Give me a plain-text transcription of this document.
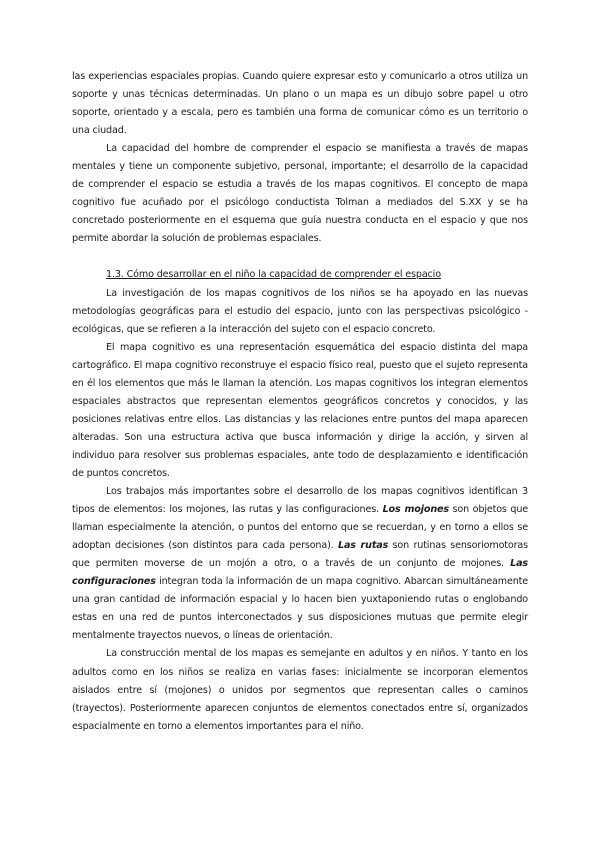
las experiencias espaciales propias. Cuando quiere expresar esto y comunicarlo a otros utiliza un soporte y unas técnicas determinadas. Un plano o un mapa es un dibujo sobre papel u otro soporte, orientado y a escala, pero es también una forma de comunicar cómo es un territorio o una ciudad.

La capacidad del hombre de comprender el espacio se manifiesta a través de mapas mentales y tiene un componente subjetivo, personal, importante; el desarrollo de la capacidad de comprender el espacio se estudia a través de los mapas cognitivos. El concepto de mapa cognitivo fue acuñado por el psicólogo conductista Tolman a mediados del S.XX y se ha concretado posteriormente en el esquema que guía nuestra conducta en el espacio y que nos permite abordar la solución de problemas espaciales.

1.3. Cómo desarrollar en el niño la capacidad de comprender el espacio

La investigación de los mapas cognitivos de los niños se ha apoyado en las nuevas metodologías geográficas para el estudio del espacio, junto con las perspectivas psicológico - ecológicas, que se refieren a la interacción del sujeto con el espacio concreto.

El mapa cognitivo es una representación esquemática del espacio distinta del mapa cartográfico. El mapa cognitivo reconstruye el espacio físico real, puesto que el sujeto representa en él los elementos que más le llaman la atención. Los mapas cognitivos los integran elementos espaciales abstractos que representan elementos geográficos concretos y conocidos, y las posiciones relativas entre ellos. Las distancias y las relaciones entre puntos del mapa aparecen alteradas. Son una estructura activa que busca información y dirige la acción, y sirven al individuo para resolver sus problemas espaciales, ante todo de desplazamiento e identificación de puntos concretos.

Los trabajos más importantes sobre el desarrollo de los mapas cognitivos identifican 3 tipos de elementos: los mojones, las rutas y las configuraciones. Los mojones son objetos que llaman especialmente la atención, o puntos del entorno que se recuerdan, y en torno a ellos se adoptan decisiones (son distintos para cada persona). Las rutas son rutinas sensoriomotoras que permiten moverse de un mojón a otro, o a través de un conjunto de mojones. Las configuraciones integran toda la información de un mapa cognitivo. Abarcan simultáneamente una gran cantidad de información espacial y lo hacen bien yuxtaponiendo rutas o englobando estas en una red de puntos interconectados y sus disposiciones mutuas que permite elegir mentalmente trayectos nuevos, o líneas de orientación.

La construcción mental de los mapas es semejante en adultos y en niños. Y tanto en los adultos como en los niños se realiza en varias fases: inicialmente se incorporan elementos aislados entre sí (mojones) o unidos por segmentos que representan calles o caminos (trayectos). Posteriormente aparecen conjuntos de elementos conectados entre sí, organizados espacialmente en torno a elementos importantes para el niño.
